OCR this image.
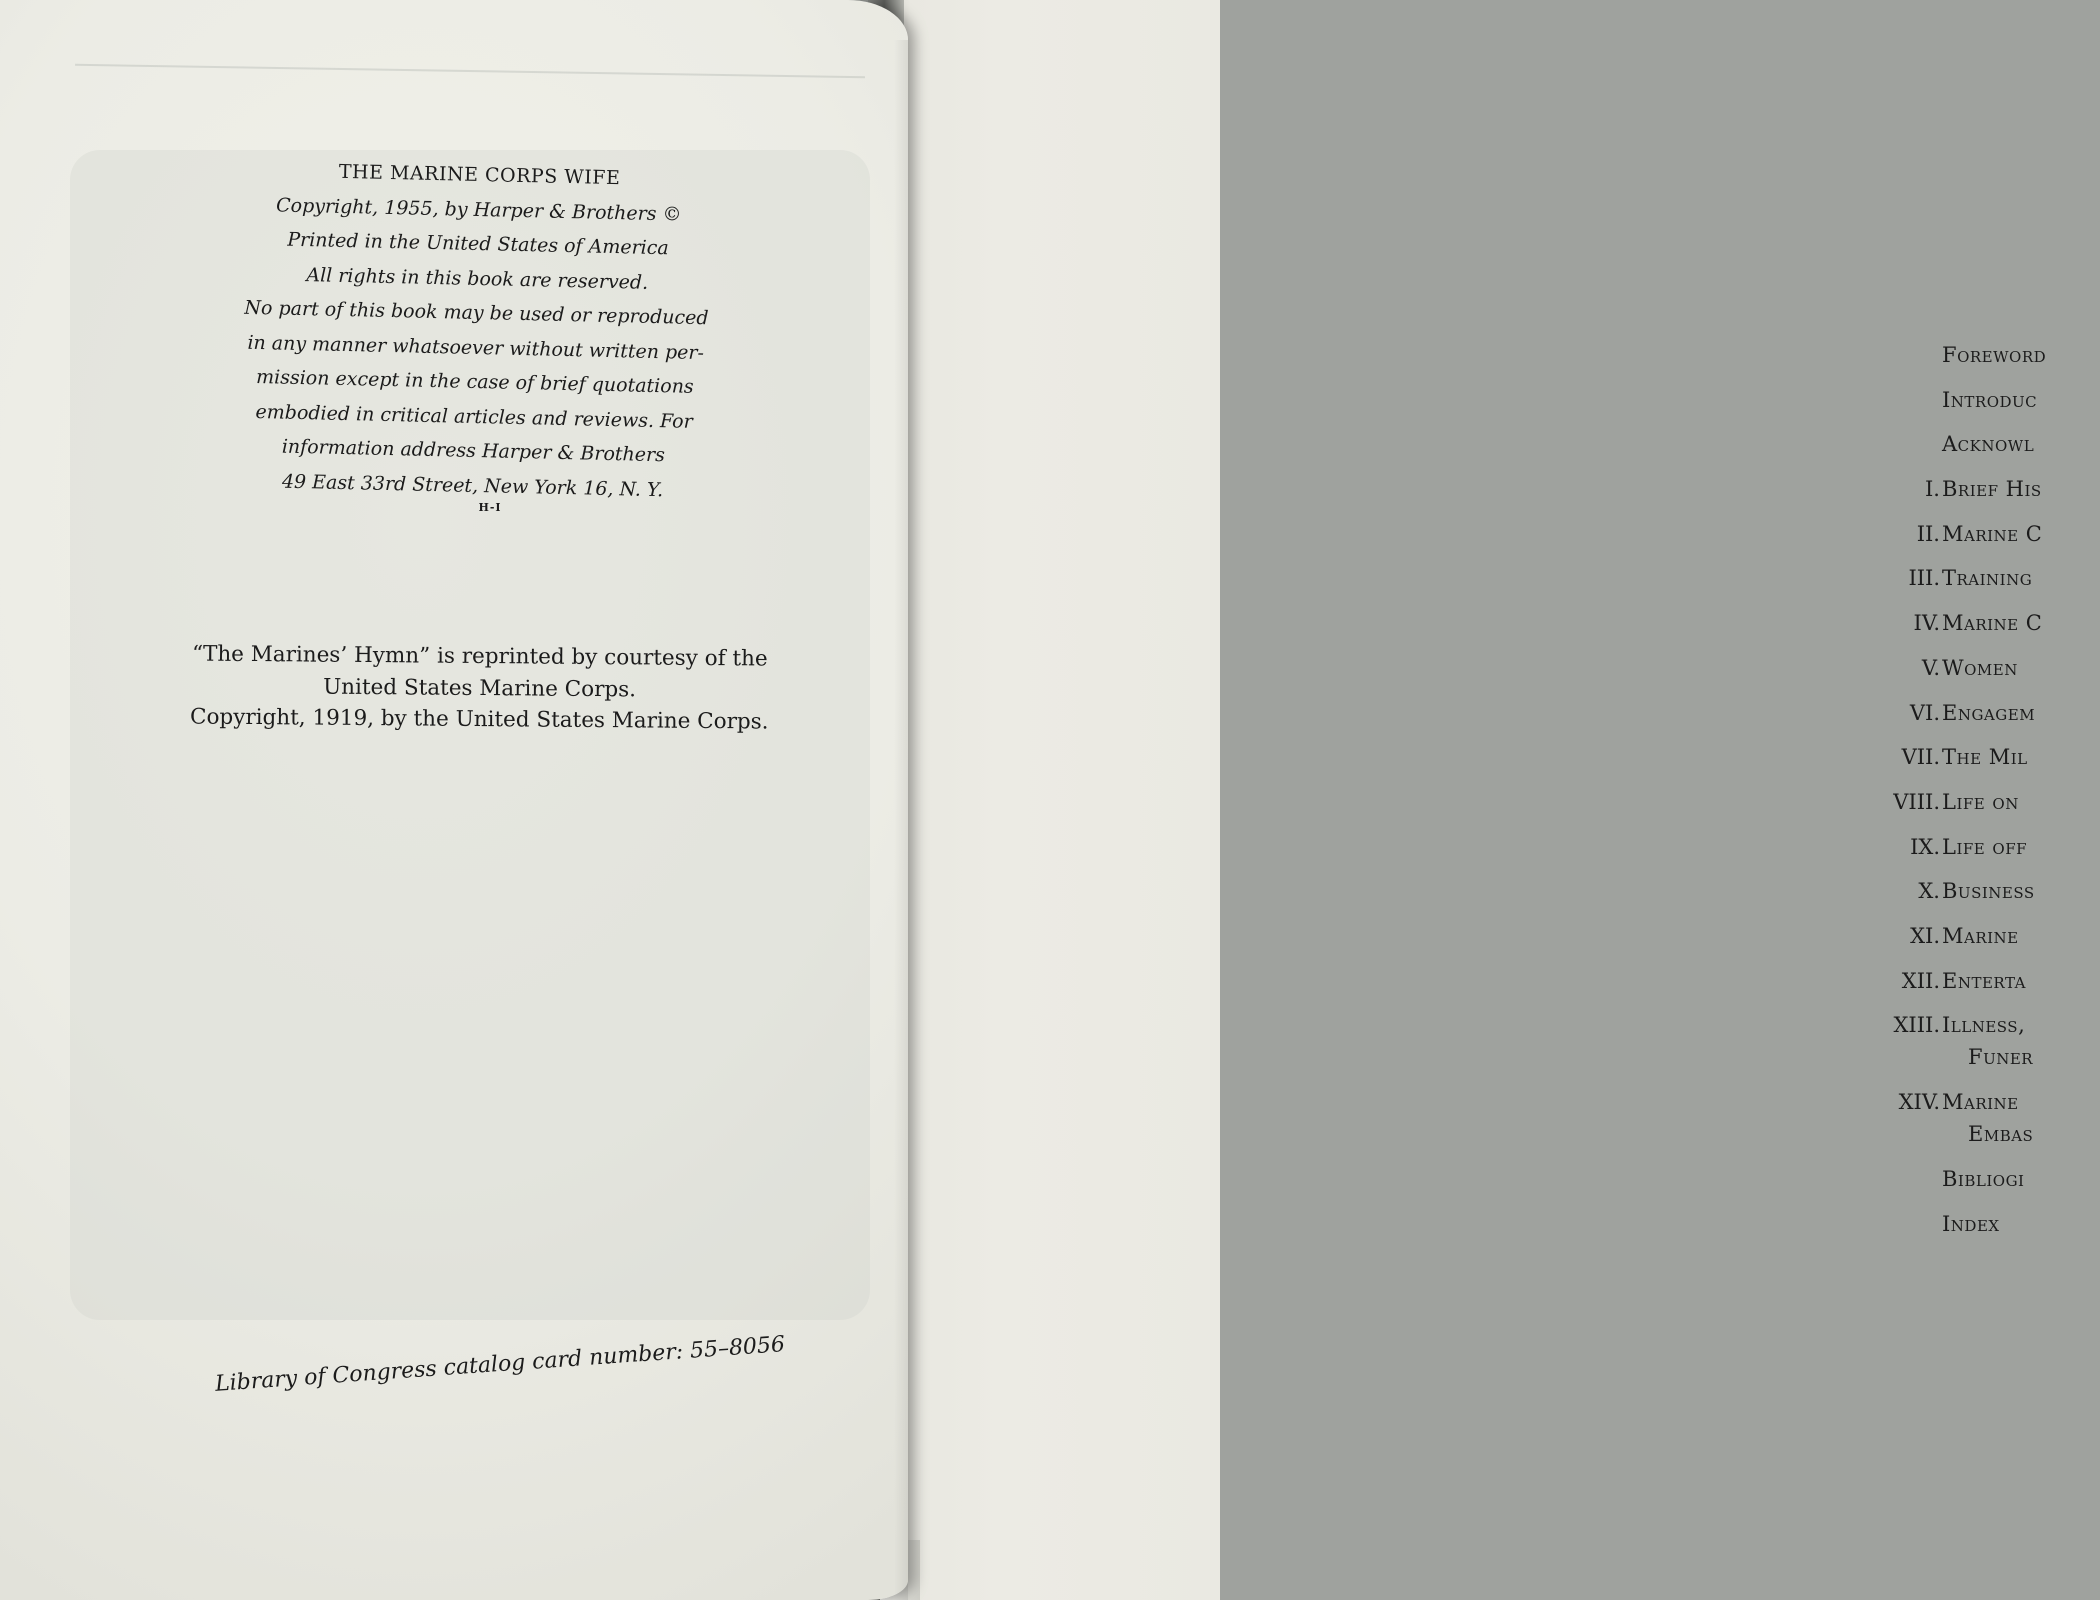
Foreword
Introduc
Acknowl
I. Brief His
II. Marine C
III. Training
IV. Marine C
V. Women
VI. Engagem
VII. The Mil
VIII. Life on
IX. Life off
X. Business
XI. Marine
XII. Enterta
XIII. Illness,
Funer
XIV. Marine
Embas
Bibliogi
Index
THE MARINE CORPS WIFE
Copyright, 1955, by Harper & Brothers ©
Printed in the United States of America
All rights in this book are reserved.
No part of this book may be used or reproduced
in any manner whatsoever without written per-
mission except in the case of brief quotations
embodied in critical articles and reviews. For
information address Harper & Brothers
49 East 33rd Street, New York 16, N. Y.
H-I
“The Marines’ Hymn” is reprinted by courtesy of the
United States Marine Corps.
Copyright, 1919, by the United States Marine Corps.
Library of Congress catalog card number: 55–8056
